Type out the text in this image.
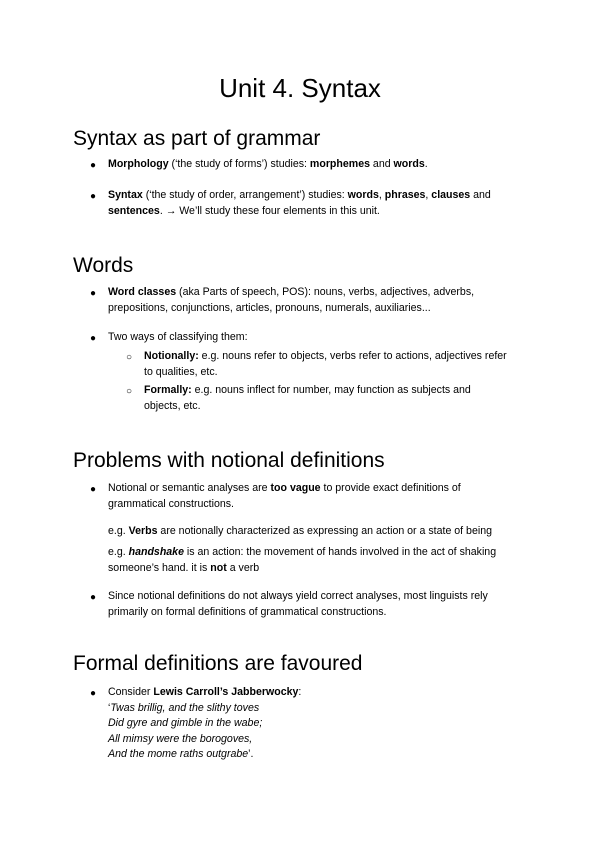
Unit 4. Syntax
Syntax as part of grammar
● Morphology (‘the study of forms’) studies: morphemes and words.
● Syntax (‘the study of order, arrangement’) studies: words, phrases, clauses and
sentences. → We’ll study these four elements in this unit.
Words
● Word classes (aka Parts of speech, POS): nouns, verbs, adjectives, adverbs,
prepositions, conjunctions, articles, pronouns, numerals, auxiliaries...
● Two ways of classifying them:
○ Notionally: e.g. nouns refer to objects, verbs refer to actions, adjectives refer
to qualities, etc.
○ Formally: e.g. nouns inflect for number, may function as subjects and
objects, etc.
Problems with notional definitions
● Notional or semantic analyses are too vague to provide exact definitions of
grammatical constructions.
e.g. Verbs are notionally characterized as expressing an action or a state of being
e.g. handshake is an action: the movement of hands involved in the act of shaking
someone’s hand. it is not a verb
● Since notional definitions do not always yield correct analyses, most linguists rely
primarily on formal definitions of grammatical constructions.
Formal definitions are favoured
● Consider Lewis Carroll’s Jabberwocky:
‘Twas brillig, and the slithy toves
Did gyre and gimble in the wabe;
All mimsy were the borogoves,
And the mome raths outgrabe’.
